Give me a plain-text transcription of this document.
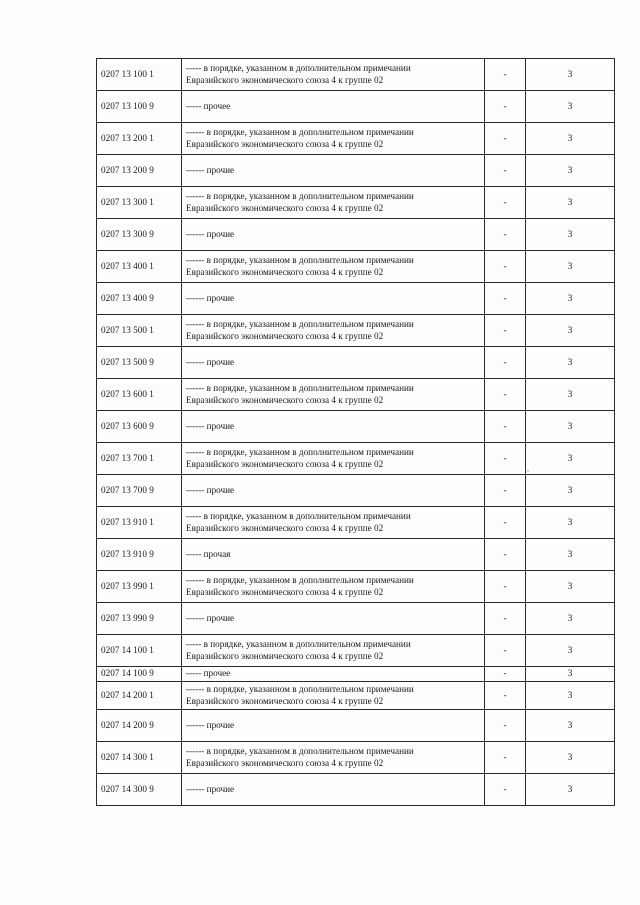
0207 13 100 1	----- в порядке, указанном в дополнительном примечании
Евразийского экономического союза 4 к группе 02	-	3
0207 13 100 9	----- прочее	-	3
0207 13 200 1	------ в порядке, указанном в дополнительном примечании
Евразийского экономического союза 4 к группе 02	-	3
0207 13 200 9	------ прочие	-	3
0207 13 300 1	------ в порядке, указанном в дополнительном примечании
Евразийского экономического союза 4 к группе 02	-	3
0207 13 300 9	------ прочие	-	3
0207 13 400 1	------ в порядке, указанном в дополнительном примечании
Евразийского экономического союза 4 к группе 02	-	3
0207 13 400 9	------ прочие	-	3
0207 13 500 1	------ в порядке, указанном в дополнительном примечании
Евразийского экономического союза 4 к группе 02	-	3
0207 13 500 9	------ прочие	-	3
0207 13 600 1	------ в порядке, указанном в дополнительном примечании
Евразийского экономического союза 4 к группе 02	-	3
0207 13 600 9	------ прочие	-	3
0207 13 700 1	------ в порядке, указанном в дополнительном примечании
Евразийского экономического союза 4 к группе 02	-	3
0207 13 700 9	------ прочие	-	3
0207 13 910 1	----- в порядке, указанном в дополнительном примечании
Евразийского экономического союза 4 к группе 02	-	3
0207 13 910 9	----- прочая	-	3
0207 13 990 1	------ в порядке, указанном в дополнительном примечании
Евразийского экономического союза 4 к группе 02	-	3
0207 13 990 9	------ прочие	-	3
0207 14 100 1	----- в порядке, указанном в дополнительном примечании
Евразийского экономического союза 4 к группе 02	-	3
0207 14 100 9	----- прочее	-	3
0207 14 200 1	------ в порядке, указанном в дополнительном примечании
Евразийского экономического союза 4 к группе 02	-	3
0207 14 200 9	------ прочие	-	3
0207 14 300 1	------ в порядке, указанном в дополнительном примечании
Евразийского экономического союза 4 к группе 02	-	3
0207 14 300 9	------ прочие	-	3
